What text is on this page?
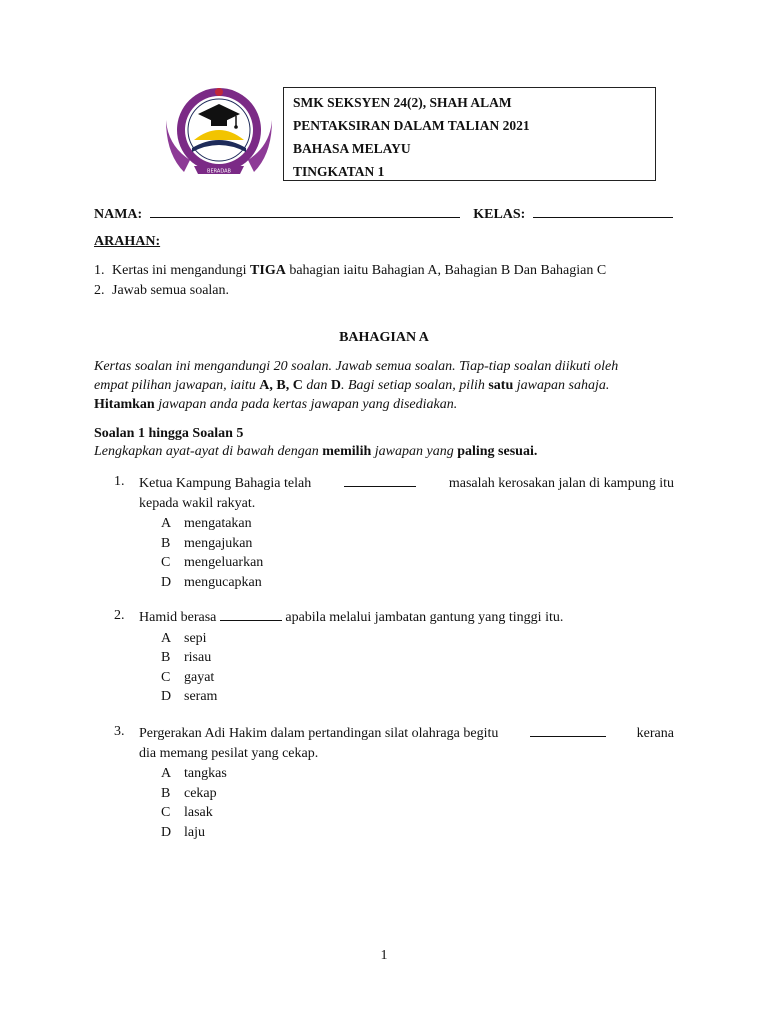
BERADAB
SMK SEKSYEN 24(2), SHAH ALAM
PENTAKSIRAN DALAM TALIAN 2021
BAHASA MELAYU
TINGKATAN 1
NAMA:	KELAS:
ARAHAN:
1. Kertas ini mengandungi TIGA bahagian iaitu Bahagian A, Bahagian B Dan Bahagian C
2. Jawab semua soalan.
BAHAGIAN A
Kertas soalan ini mengandungi 20 soalan. Jawab semua soalan. Tiap-tiap soalan diikuti oleh
empat pilihan jawapan, iaitu A, B, C dan D. Bagi setiap soalan, pilih satu jawapan sahaja.
Hitamkan jawapan anda pada kertas jawapan yang disediakan.
Soalan 1 hingga Soalan 5
Lengkapkan ayat-ayat di bawah dengan memilih jawapan yang paling sesuai.
1. Ketua Kampung Bahagia telah	masalah kerosakan jalan di kampung itu
kepada wakil rakyat.
A mengatakan
B mengajukan
C mengeluarkan
D mengucapkan
2. Hamid berasa	apabila melalui jambatan gantung yang tinggi itu.
A sepi
B risau
C gayat
D seram
3. Pergerakan Adi Hakim dalam pertandingan silat olahraga begitu	kerana
dia memang pesilat yang cekap.
A tangkas
B cekap
C lasak
D laju
1
